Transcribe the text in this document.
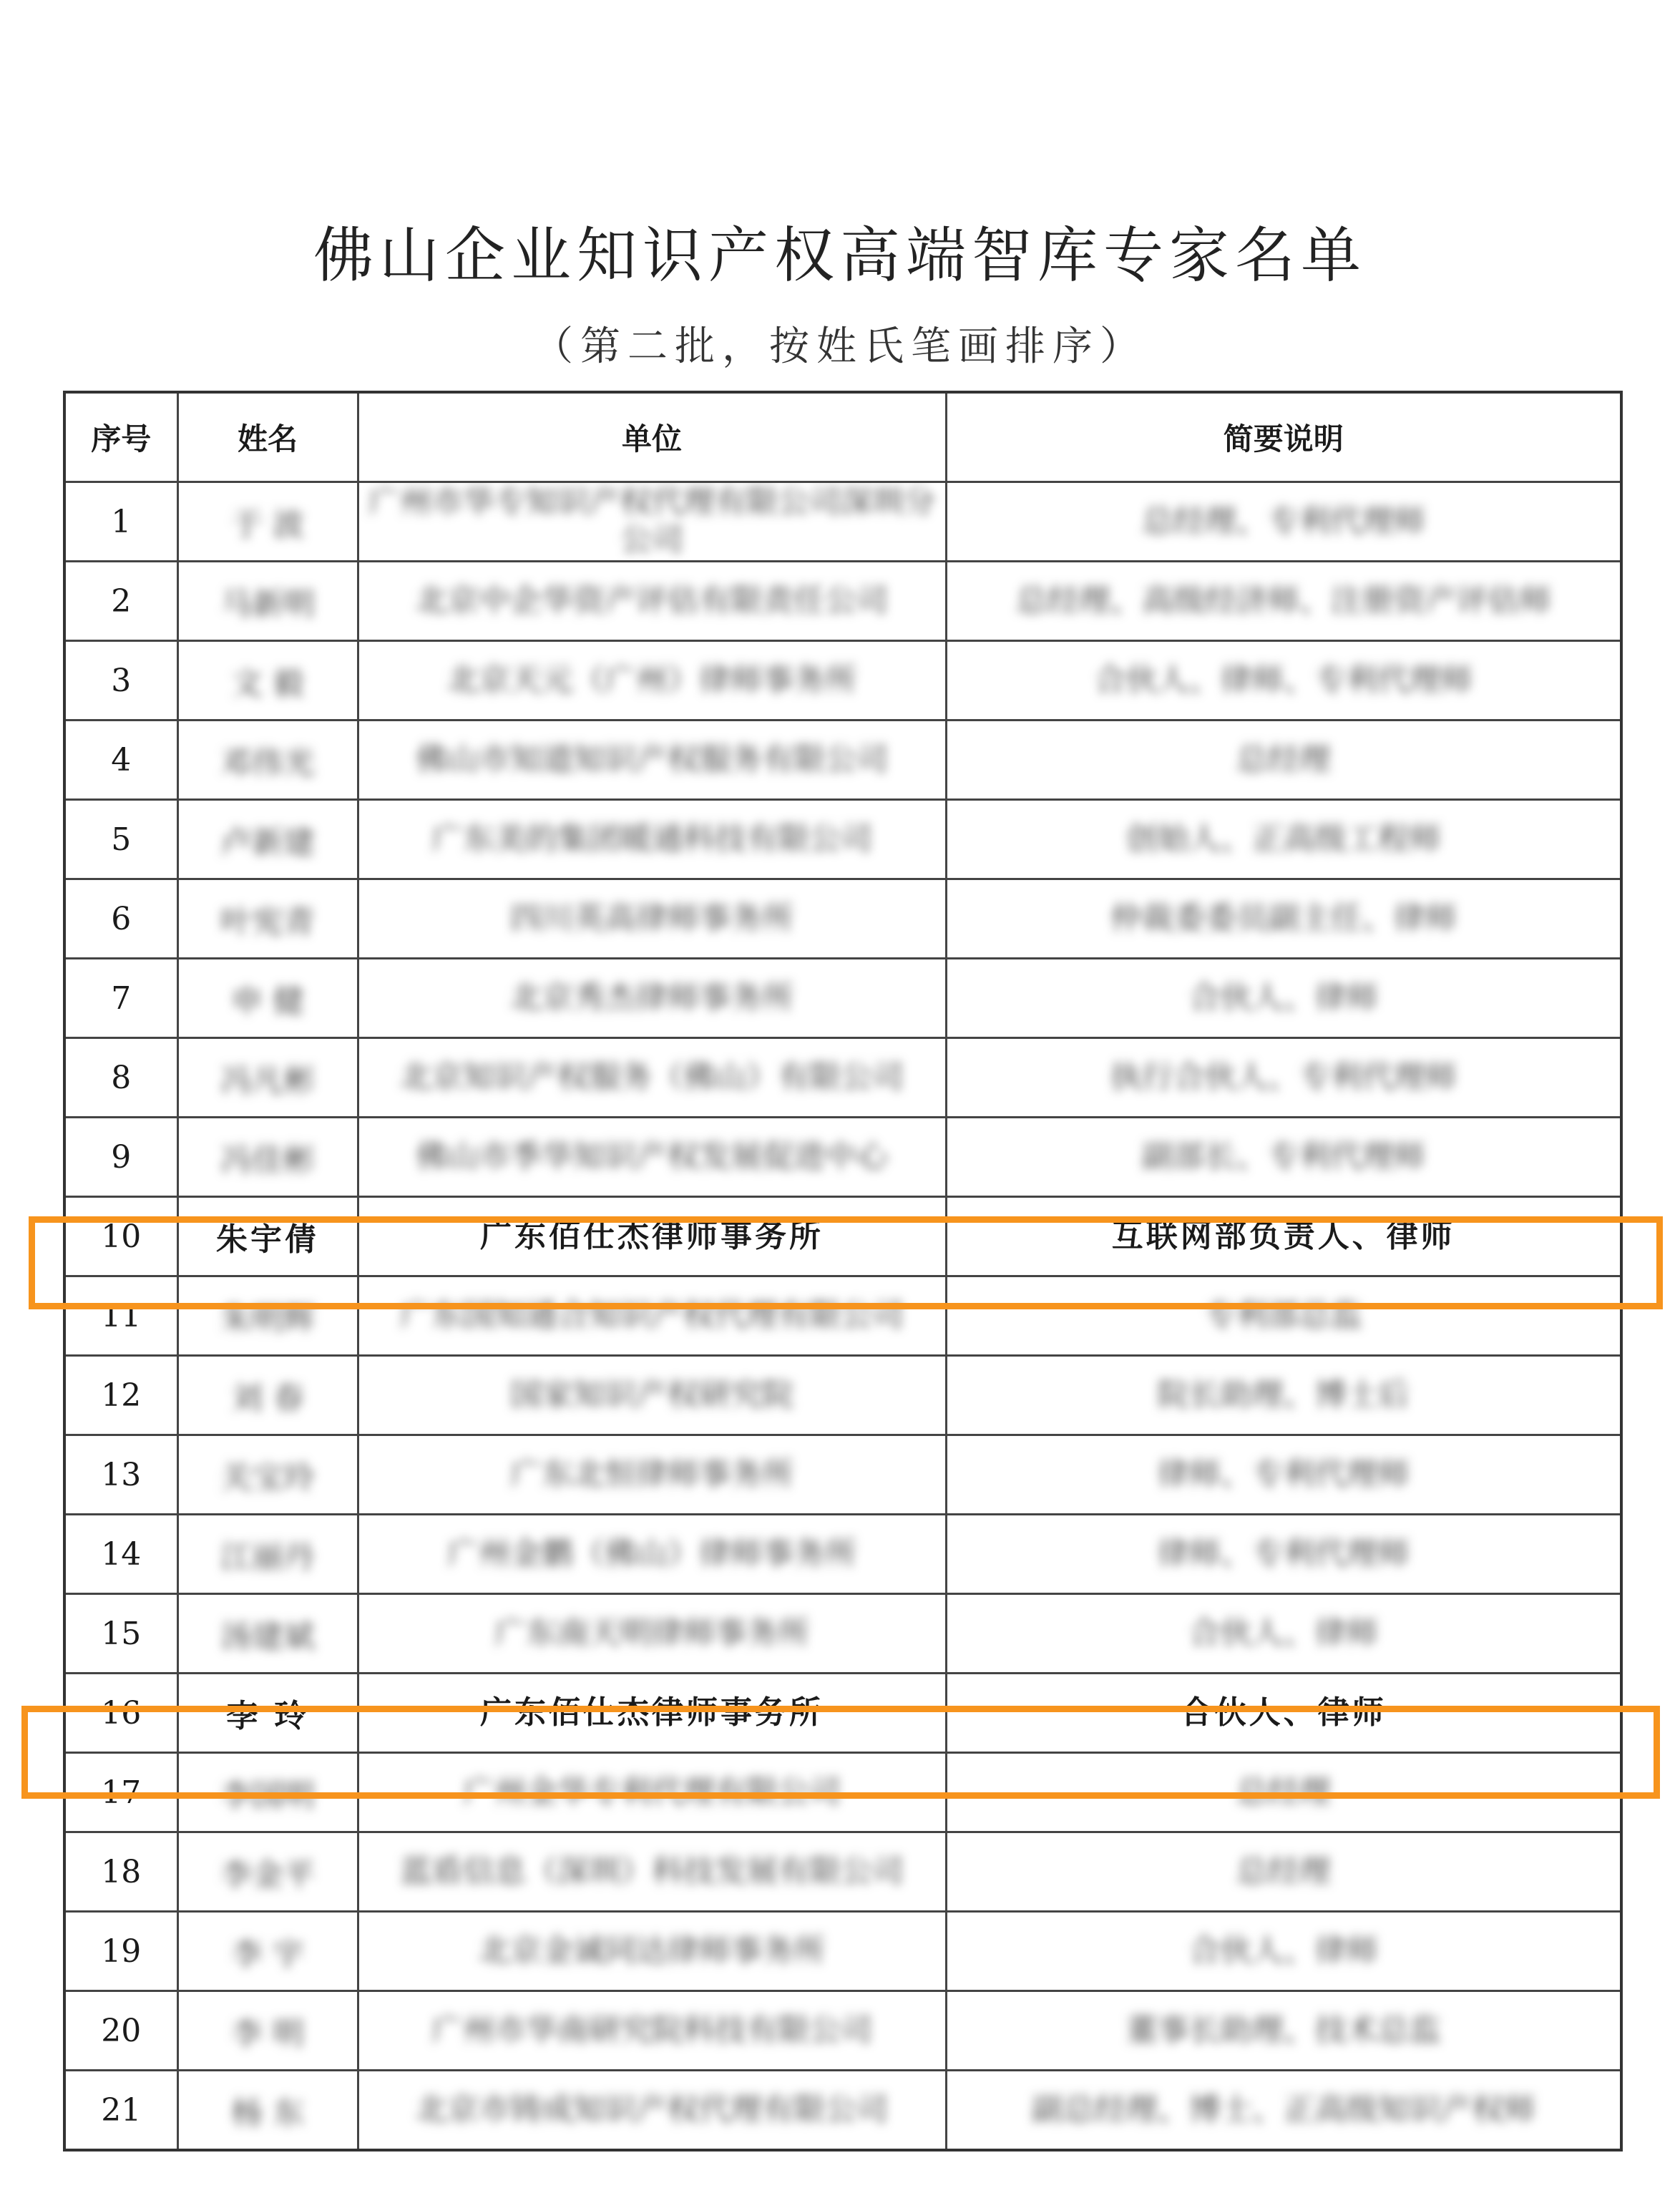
佛山企业知识产权高端智库专家名单
（第二批，按姓氏笔画排序）
序号	姓名	单位	简要说明
1	于 波	广州市华专知识产权代理有限公司深圳分公司	总经理、专利代理师
2	马新明	北京中企华资产评估有限责任公司	总经理、高级经济师、注册资产评估师
3	文 毅	北京天元（广州）律师事务所	合伙人、律师、专利代理师
4	邓伟光	佛山市知道知识产权服务有限公司	总经理
5	卢新建	广东美的集团暖通科技有限公司	创始人、正高级工程师
6	叶宪青	四川英高律师事务所	仲裁委委员副主任、律师
7	申 健	北京秀杰律师事务所	合伙人、律师
8	冯凡彬	北京知识产权服务（佛山）有限公司	执行合伙人、专利代理师
9	冯佳彬	佛山市季华知识产权发展促进中心	副部长、专利代理师
10	朱宇倩	广东佰仕杰律师事务所	互联网部负责人、律师
11	朱明辉	广东国知通合知识产权代理有限公司	专利部总监
12	刘 春	国家知识产权研究院	院长助理、博士后
13	关宝玲	广东北恒律师事务所	律师、专利代理师
14	江丽丹	广州金鹏（佛山）律师事务所	律师、专利代理师
15	汤建斌	广东南天明律师事务所	合伙人、律师
16	李 玲	广东佰仕杰律师事务所	合伙人、律师
17	李国明	广州金华专利代理有限公司	总经理
18	李金平	蓝盾信息（深圳）科技发展有限公司	总经理
19	李 宇	北京金诚同达律师事务所	合伙人、律师
20	李 明	广州市华南研究院科技有限公司	董事长助理、技术总监
21	杨 东	北京市铸成知识产权代理有限公司	副总经理、博士、正高级知识产权师
